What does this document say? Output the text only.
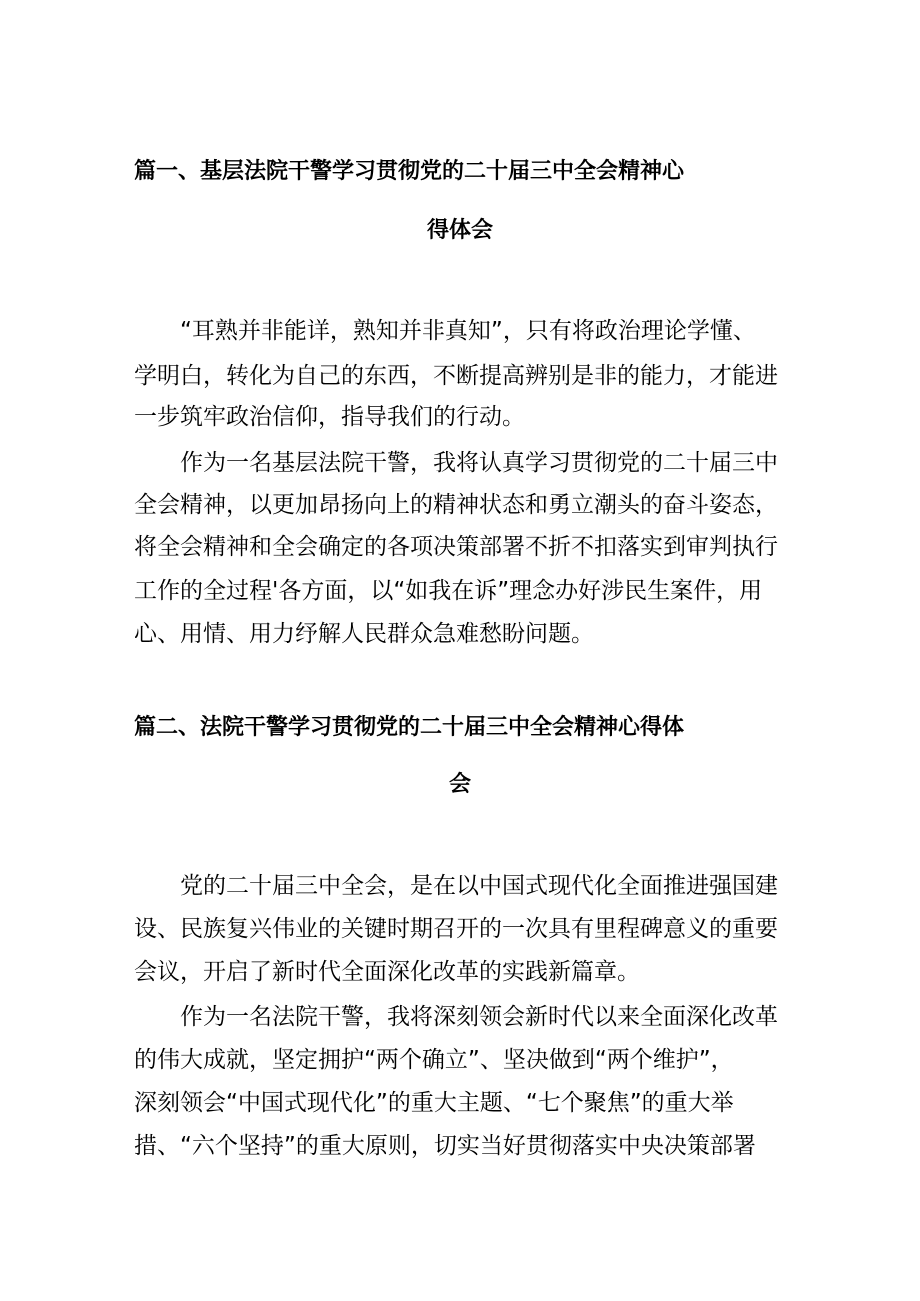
篇一、基层法院干警学习贯彻党的二十届三中全会精神心
得体会
“耳熟并非能详，熟知并非真知”，只有将政治理论学懂、
学明白，转化为自己的东西，不断提高辨别是非的能力，才能进
一步筑牢政治信仰，指导我们的行动。
作为一名基层法院干警，我将认真学习贯彻党的二十届三中
全会精神，以更加昂扬向上的精神状态和勇立潮头的奋斗姿态，
将全会精神和全会确定的各项决策部署不折不扣落实到审判执行
工作的全过程'各方面，以“如我在诉”理念办好涉民生案件，用
心、用情、用力纾解人民群众急难愁盼问题。
篇二、法院干警学习贯彻党的二十届三中全会精神心得体
会
党的二十届三中全会，是在以中国式现代化全面推进强国建
设、民族复兴伟业的关键时期召开的一次具有里程碑意义的重要
会议，开启了新时代全面深化改革的实践新篇章。
作为一名法院干警，我将深刻领会新时代以来全面深化改革
的伟大成就，坚定拥护“两个确立”、坚决做到“两个维护”，
深刻领会“中国式现代化”的重大主题、“七个聚焦”的重大举
措、“六个坚持”的重大原则，切实当好贯彻落实中央决策部署
